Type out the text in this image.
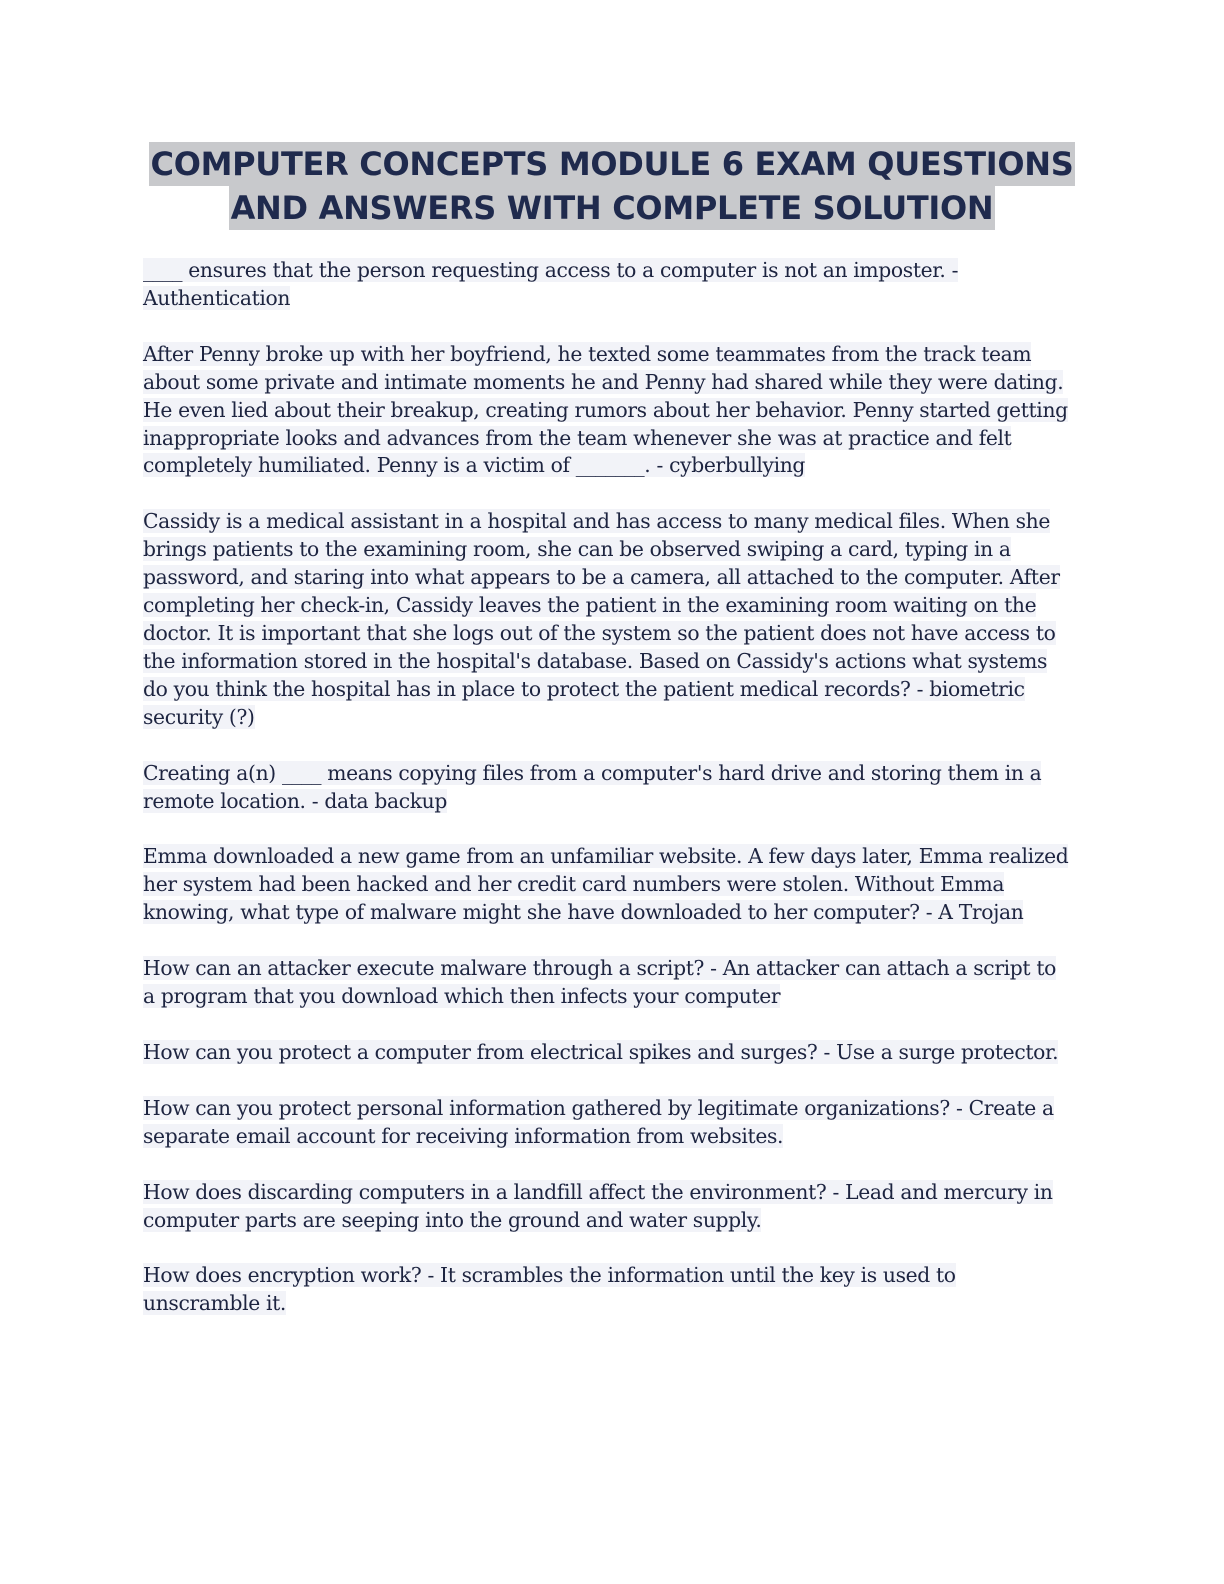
COMPUTER CONCEPTS MODULE 6 EXAM QUESTIONS
AND ANSWERS WITH COMPLETE SOLUTION

____ ensures that the person requesting access to a computer is not an imposter. - Authentication

After Penny broke up with her boyfriend, he texted some teammates from the track team about some private and intimate moments he and Penny had shared while they were dating. He even lied about their breakup, creating rumors about her behavior. Penny started getting inappropriate looks and advances from the team whenever she was at practice and felt completely humiliated. Penny is a victim of _______. - cyberbullying

Cassidy is a medical assistant in a hospital and has access to many medical files. When she brings patients to the examining room, she can be observed swiping a card, typing in a password, and staring into what appears to be a camera, all attached to the computer. After completing her check-in, Cassidy leaves the patient in the examining room waiting on the doctor. It is important that she logs out of the system so the patient does not have access to the information stored in the hospital's database. Based on Cassidy's actions what systems do you think the hospital has in place to protect the patient medical records? - biometric security (?)

Creating a(n) ____ means copying files from a computer's hard drive and storing them in a remote location. - data backup

Emma downloaded a new game from an unfamiliar website. A few days later, Emma realized her system had been hacked and her credit card numbers were stolen. Without Emma knowing, what type of malware might she have downloaded to her computer? - A Trojan

How can an attacker execute malware through a script? - An attacker can attach a script to a program that you download which then infects your computer

How can you protect a computer from electrical spikes and surges? - Use a surge protector.

How can you protect personal information gathered by legitimate organizations? - Create a separate email account for receiving information from websites.

How does discarding computers in a landfill affect the environment? - Lead and mercury in computer parts are seeping into the ground and water supply.

How does encryption work? - It scrambles the information until the key is used to unscramble it.
